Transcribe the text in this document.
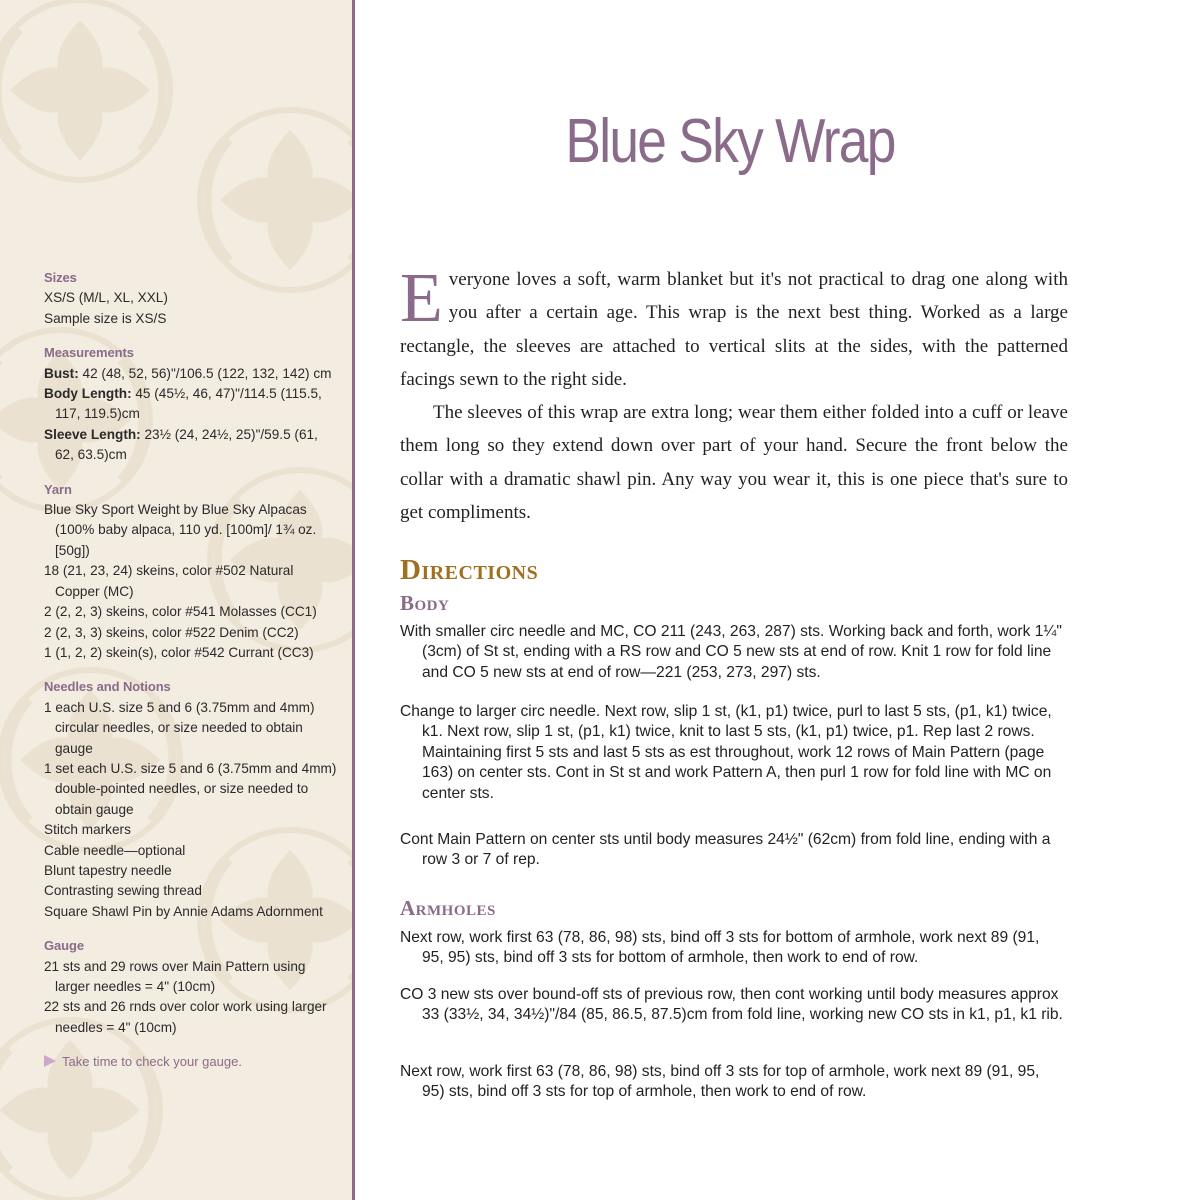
Sizes
XS/S (M/L, XL, XXL)
Sample size is XS/S
Measurements
Bust: 42 (48, 52, 56)"/106.5 (122, 132, 142) cm
Body Length: 45 (45½, 46, 47)"/114.5 (115.5, 117, 119.5)cm
Sleeve Length: 23½ (24, 24½, 25)"/59.5 (61, 62, 63.5)cm
Yarn
Blue Sky Sport Weight by Blue Sky Alpacas (100% baby alpaca, 110 yd. [100m]/ 1¾ oz. [50g])
18 (21, 23, 24) skeins, color #502 Natural Copper (MC)
2 (2, 2, 3) skeins, color #541 Molasses (CC1)
2 (2, 3, 3) skeins, color #522 Denim (CC2)
1 (1, 2, 2) skein(s), color #542 Currant (CC3)
Needles and Notions
1 each U.S. size 5 and 6 (3.75mm and 4mm) circular needles, or size needed to obtain gauge
1 set each U.S. size 5 and 6 (3.75mm and 4mm) double-pointed needles, or size needed to obtain gauge
Stitch markers
Cable needle—optional
Blunt tapestry needle
Contrasting sewing thread
Square Shawl Pin by Annie Adams Adornment
Gauge
21 sts and 29 rows over Main Pattern using larger needles = 4" (10cm)
22 sts and 26 rnds over color work using larger needles = 4" (10cm)
Take time to check your gauge.
Blue Sky Wrap

Everyone loves a soft, warm blanket but it's not practical to drag one along with you after a certain age. This wrap is the next best thing. Worked as a large rectangle, the sleeves are attached to vertical slits at the sides, with the patterned facings sewn to the right side.

The sleeves of this wrap are extra long; wear them either folded into a cuff or leave them long so they extend down over part of your hand. Secure the front below the collar with a dramatic shawl pin. Any way you wear it, this is one piece that's sure to get compliments.

Directions
Body
With smaller circ needle and MC, CO 211 (243, 263, 287) sts. Working back and forth, work 1¼" (3cm) of St st, ending with a RS row and CO 5 new sts at end of row. Knit 1 row for fold line and CO 5 new sts at end of row—221 (253, 273, 297) sts.
Change to larger circ needle. Next row, slip 1 st, (k1, p1) twice, purl to last 5 sts, (p1, k1) twice, k1. Next row, slip 1 st, (p1, k1) twice, knit to last 5 sts, (k1, p1) twice, p1. Rep last 2 rows. Maintaining first 5 sts and last 5 sts as est throughout, work 12 rows of Main Pattern (page 163) on center sts. Cont in St st and work Pattern A, then purl 1 row for fold line with MC on center sts.
Cont Main Pattern on center sts until body measures 24½" (62cm) from fold line, ending with a row 3 or 7 of rep.
Armholes
Next row, work first 63 (78, 86, 98) sts, bind off 3 sts for bottom of armhole, work next 89 (91, 95, 95) sts, bind off 3 sts for bottom of armhole, then work to end of row.
CO 3 new sts over bound-off sts of previous row, then cont working until body measures approx 33 (33½, 34, 34½)"/84 (85, 86.5, 87.5)cm from fold line, working new CO sts in k1, p1, k1 rib.
Next row, work first 63 (78, 86, 98) sts, bind off 3 sts for top of armhole, work next 89 (91, 95, 95) sts, bind off 3 sts for top of armhole, then work to end of row.
